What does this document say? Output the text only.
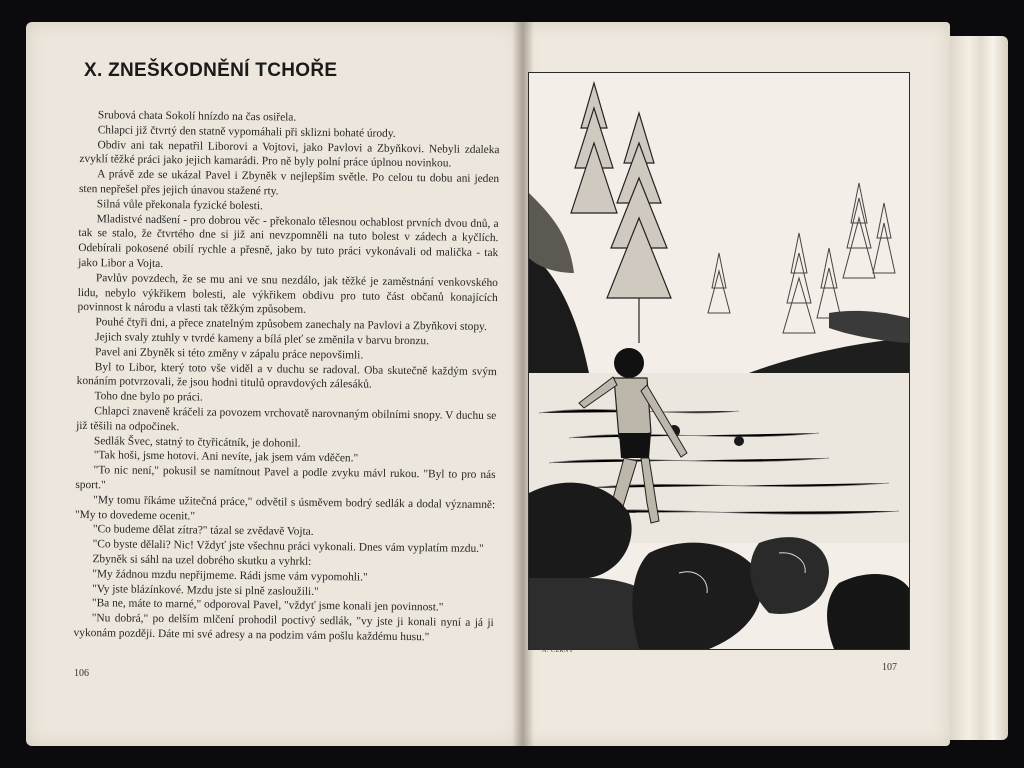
X. ZNEŠKODNĚNÍ TCHOŘE

Srubová chata Sokolí hnízdo na čas osiřela.

Chlapci již čtvrtý den statně vypomáhali při sklizni bohaté úrody.

Obdiv ani tak nepatřil Liborovi a Vojtovi, jako Pavlovi a Zbyňkovi. Nebyli zdaleka zvyklí těžké práci jako jejich kamarádi. Pro ně byly polní práce úplnou novinkou.

A právě zde se ukázal Pavel i Zbyněk v nejlepším světle. Po celou tu dobu ani jeden sten nepřešel přes jejich únavou stažené rty.

Silná vůle překonala fyzické bolesti.

Mladistvé nadšení - pro dobrou věc - překonalo tělesnou ochablost prvních dvou dnů, a tak se stalo, že čtvrtého dne si již ani nevzpomněli na tuto bolest v zádech a kyčlích. Odebírali pokosené obilí rychle a přesně, jako by tuto práci vykonávali od malička - tak jako Libor a Vojta.

Pavlův povzdech, že se mu ani ve snu nezdálo, jak těžké je zaměstnání venkovského lidu, nebylo výkřikem bolesti, ale výkřikem obdivu pro tuto část občanů konajících povinnost k národu a vlasti tak těžkým způsobem.

Pouhé čtyři dni, a přece znatelným způsobem zanechaly na Pavlovi a Zbyňkovi stopy.

Jejich svaly ztuhly v tvrdé kameny a bílá pleť se změnila v barvu bronzu.

Pavel ani Zbyněk si této změny v zápalu práce nepovšimli.

Byl to Libor, který toto vše viděl a v duchu se radoval. Oba skutečně každým svým konáním potvrzovali, že jsou hodni titulů opravdových zálesáků.

Toho dne bylo po práci.

Chlapci znaveně kráčeli za povozem vrchovatě narovnaným obilními snopy. V duchu se již těšili na odpočinek.

Sedlák Švec, statný to čtyřicátník, je dohonil.

"Tak hoši, jsme hotovi. Ani nevíte, jak jsem vám vděčen."

"To nic není," pokusil se namítnout Pavel a podle zvyku mávl rukou. "Byl to pro nás sport."

"My tomu říkáme užitečná práce," odvětil s úsměvem bodrý sedlák a dodal významně: "My to dovedeme ocenit."

"Co budeme dělat zítra?" tázal se zvědavě Vojta.

"Co byste dělali? Nic! Vždyť jste všechnu práci vykonali. Dnes vám vyplatím mzdu."

Zbyněk si sáhl na uzel dobrého skutku a vyhrkl:

"My žádnou mzdu nepřijmeme. Rádi jsme vám vypomohli."

"Vy jste blázínkové. Mzdu jste si plně zasloužili."

"Ba ne, máte to marné," odporoval Pavel, "vždyť jsme konali jen povinnost."

"Nu dobrá," po delším mlčení prohodil poctivý sedlák, "vy jste ji konali nyní a já ji vykonám později. Dáte mi své adresy a na podzim vám pošlu každému husu."

106
A. ČERNÝ
107
